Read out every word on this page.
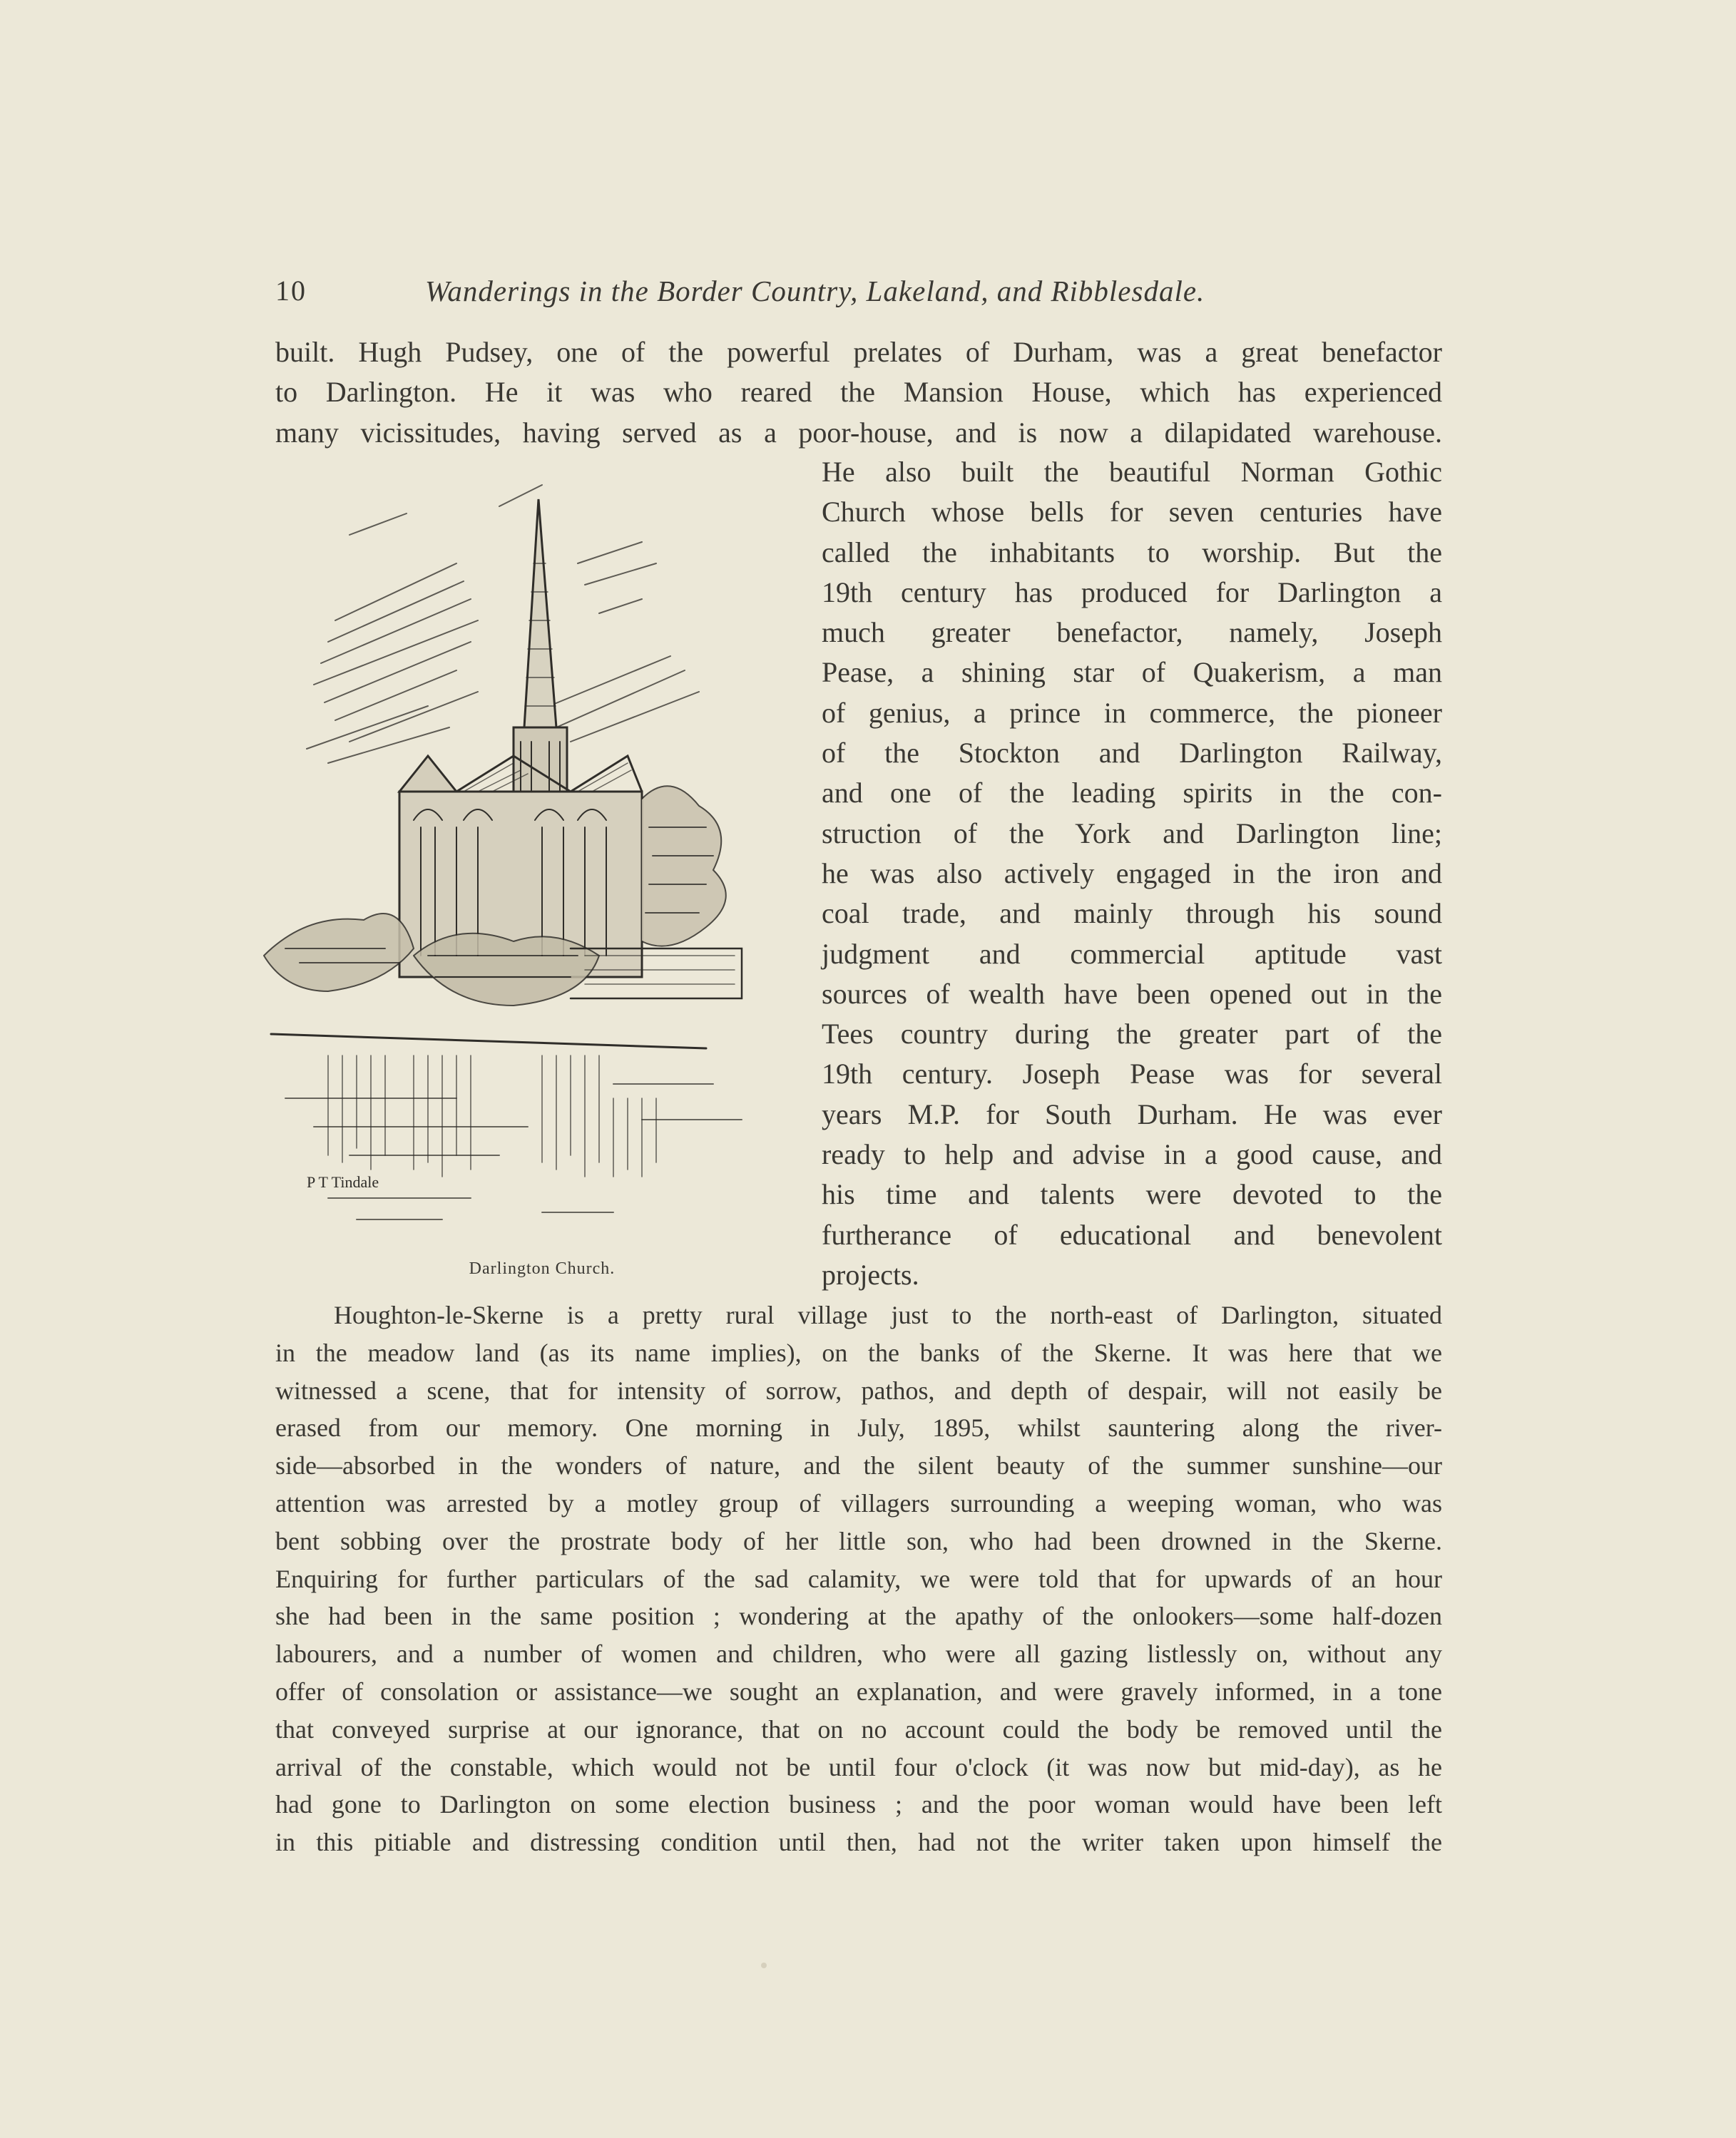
10	Wanderings in the Border Country, Lakeland, and Ribblesdale.

built. Hugh Pudsey, one of the powerful prelates of Durham, was a great benefactor

to Darlington. He it was who reared the Mansion House, which has experienced

many vicissitudes, having served as a poor-house, and is now a dilapidated warehouse.

P T Tindale
Darlington Church.
He also built the beautiful Norman Gothic
Church whose bells for seven centuries have
called the inhabitants to worship. But the
19th century has produced for Darlington a
much greater benefactor, namely, Joseph
Pease, a shining star of Quakerism, a man
of genius, a prince in commerce, the pioneer
of the Stockton and Darlington Railway,
and one of the leading spirits in the con-
struction of the York and Darlington line;
he was also actively engaged in the iron and
coal trade, and mainly through his sound
judgment and commercial aptitude vast
sources of wealth have been opened out in the
Tees country during the greater part of the
19th century. Joseph Pease was for several
years M.P. for South Durham. He was ever
ready to help and advise in a good cause, and
his time and talents were devoted to the
furtherance of educational and benevolent
projects.
Houghton-le-Skerne is a pretty rural village just to the north-east of Darlington, situated
in the meadow land (as its name implies), on the banks of the Skerne. It was here that we
witnessed a scene, that for intensity of sorrow, pathos, and depth of despair, will not easily be
erased from our memory. One morning in July, 1895, whilst sauntering along the river-
side—absorbed in the wonders of nature, and the silent beauty of the summer sunshine—our
attention was arrested by a motley group of villagers surrounding a weeping woman, who was
bent sobbing over the prostrate body of her little son, who had been drowned in the Skerne.
Enquiring for further particulars of the sad calamity, we were told that for upwards of an hour
she had been in the same position ; wondering at the apathy of the onlookers—some half-dozen
labourers, and a number of women and children, who were all gazing listlessly on, without any
offer of consolation or assistance—we sought an explanation, and were gravely informed, in a tone
that conveyed surprise at our ignorance, that on no account could the body be removed until the
arrival of the constable, which would not be until four o'clock (it was now but mid-day), as he
had gone to Darlington on some election business ; and the poor woman would have been left
in this pitiable and distressing condition until then, had not the writer taken upon himself the
